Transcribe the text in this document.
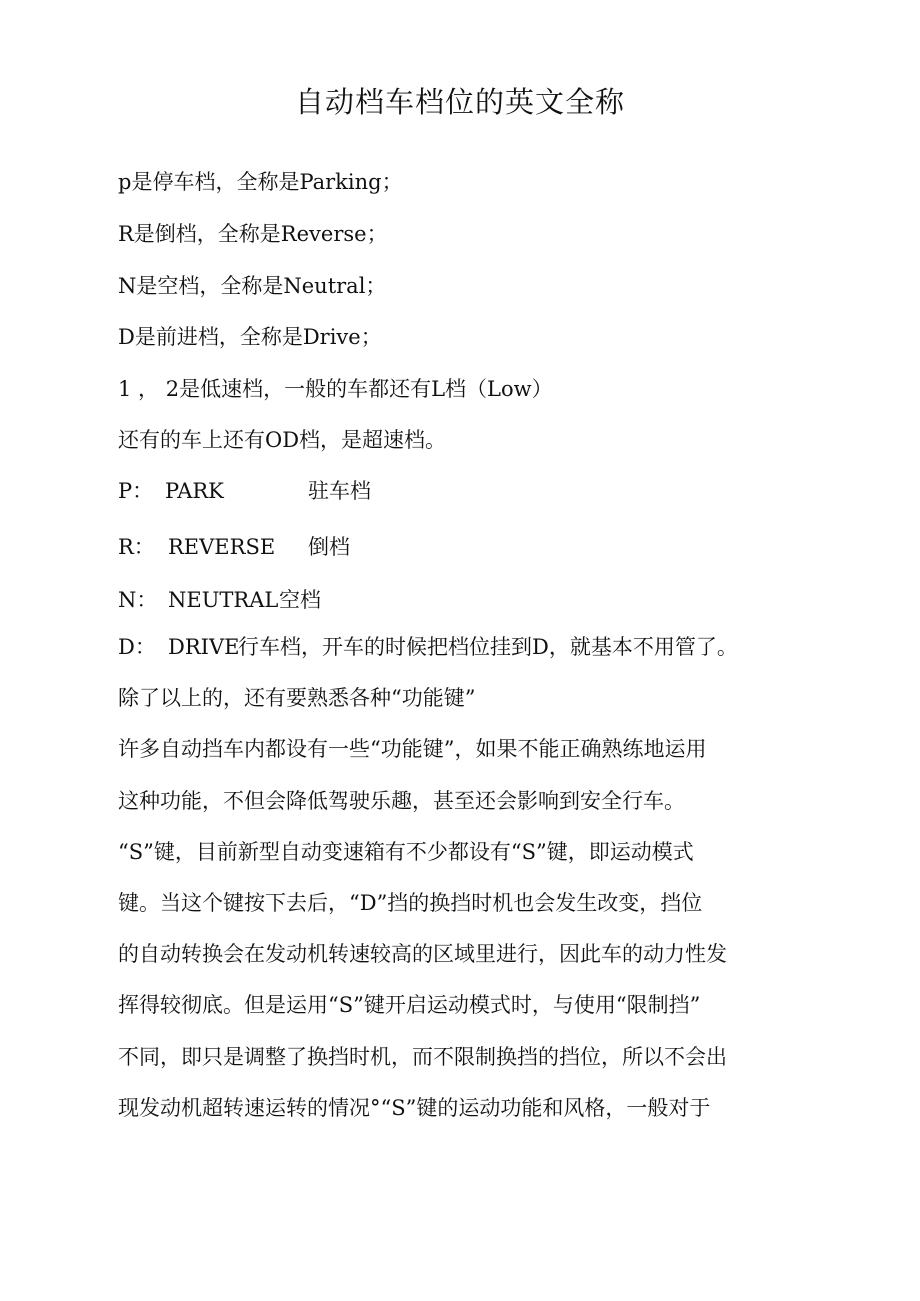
自动档车档位的英文全称
p是停车档，全称是Parking；
R是倒档，全称是Reverse；
N是空档，全称是Neutral；
D是前进档，全称是Drive；
1 ， 2是低速档，一般的车都还有L档（Low）
还有的车上还有OD档，是超速档。
P： PARK	驻车档
R： REVERSE 倒档
N： NEUTRAL 空档
D： DRIVE
行车档，开车的时候把档位挂到D，就基本不用管了。
除了以上的，还有要熟悉各种“功能键”
许多自动挡车内都设有一些“功能键”，如果不能正确熟练地运用
这种功能，不但会降低驾驶乐趣，甚至还会影响到安全行车。
“S”键，目前新型自动变速箱有不少都设有“S”键，即运动模式
键。当这个键按下去后，“D”挡的换挡时机也会发生改变，挡位
的自动转换会在发动机转速较高的区域里进行，因此车的动力性发
挥得较彻底。但是运用“S”键开启运动模式时，与使用“限制挡”
不同，即只是调整了换挡时机，而不限制换挡的挡位，所以不会出
现发动机超转速运转的情况°“S”键的运动功能和风格，一般对于
